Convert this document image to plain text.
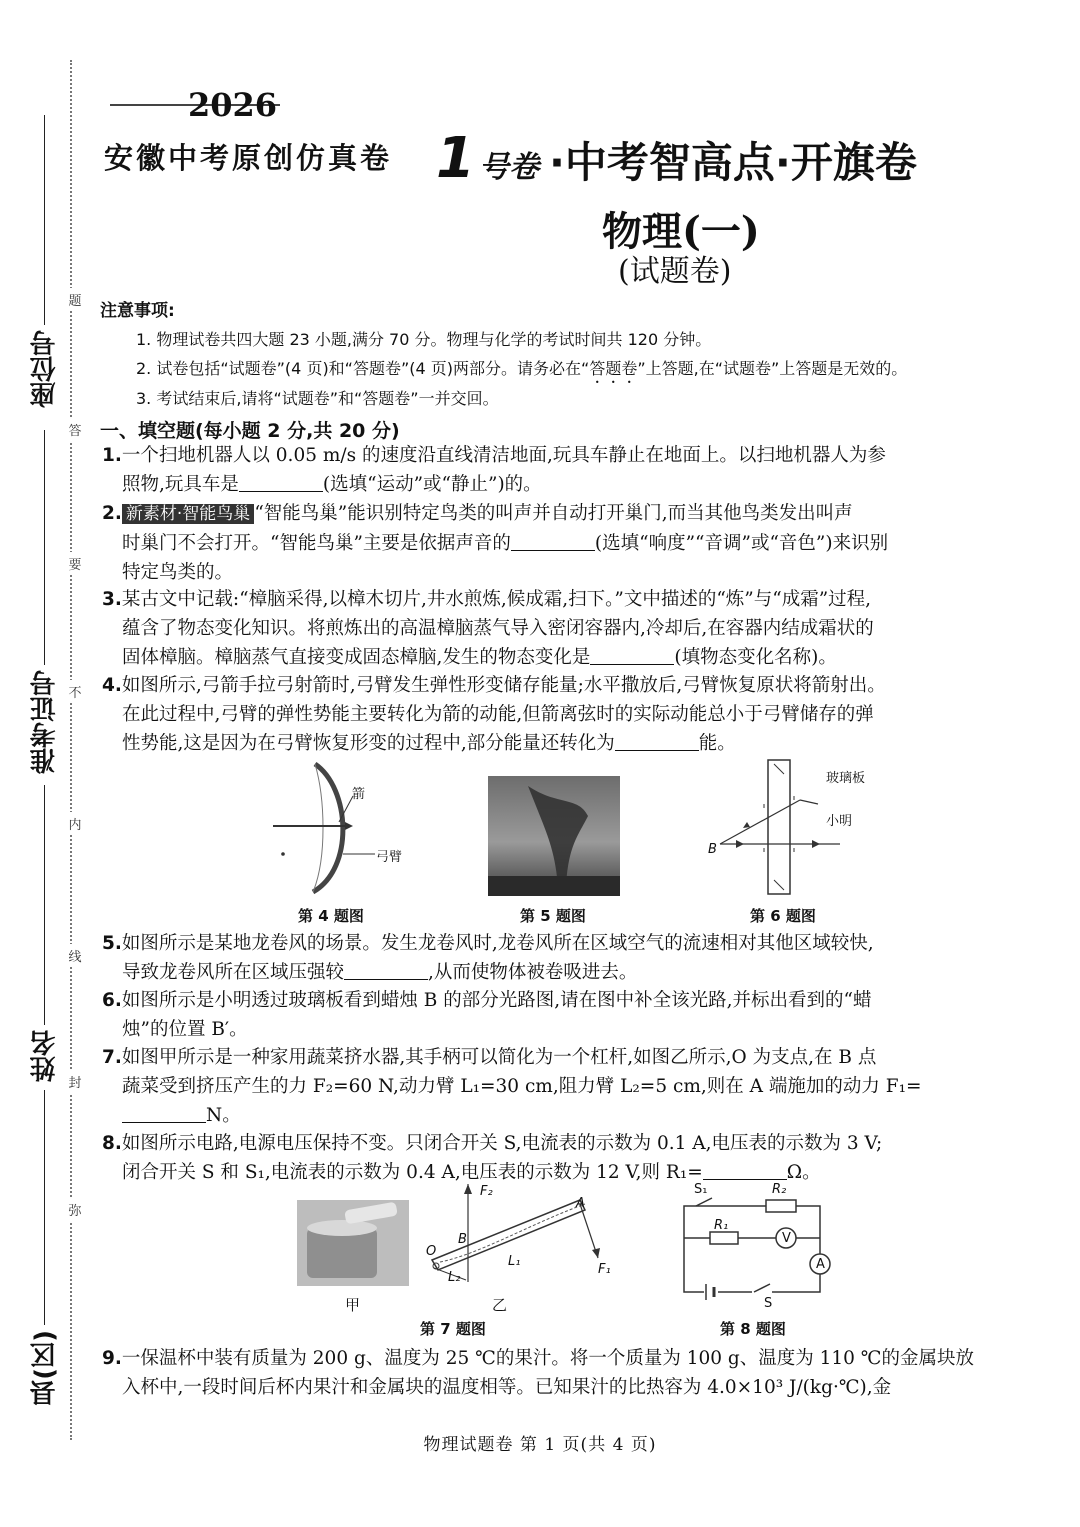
座位号
准考证号
姓名
县(区)
题
答
要
不
内
线
封
弥
2026
安徽中考原创仿真卷 1 号卷 ·中考智高点·开旗卷
物理(一)
(试题卷)
注意事项:
1. 物理试卷共四大题 23 小题,满分 70 分。物理与化学的考试时间共 120 分钟。
2. 试卷包括“试题卷”(4 页)和“答题卷”(4 页)两部分。请务必在“答题卷”上答题,在“试题卷”上答题是无效的。
3. 考试结束后,请将“试题卷”和“答题卷”一并交回。
一、填空题(每小题 2 分,共 20 分)
1.一个扫地机器人以 0.05 m/s 的速度沿直线清洁地面,玩具车静止在地面上。以扫地机器人为参
照物,玩具车是	(选填“运动”或“静止”)的。
2. 新素材·智能鸟巢 “智能鸟巢”能识别特定鸟类的叫声并自动打开巢门,而当其他鸟类发出叫声
时巢门不会打开。“智能鸟巢”主要是依据声音的	(选填“响度”“音调”或“音色”)来识别
特定鸟类的。
3.某古文中记载:“樟脑采得,以樟木切片,井水煎炼,候成霜,扫下。”文中描述的“炼”与“成霜”过程,
蕴含了物态变化知识。将煎炼出的高温樟脑蒸气导入密闭容器内,冷却后,在容器内结成霜状的
固体樟脑。樟脑蒸气直接变成固态樟脑,发生的物态变化是	(填物态变化名称)。
4.如图所示,弓箭手拉弓射箭时,弓臂发生弹性形变储存能量;水平撒放后,弓臂恢复原状将箭射出。
在此过程中,弓臂的弹性势能主要转化为箭的动能,但箭离弦时的实际动能总小于弓臂储存的弹
性势能,这是因为在弓臂恢复形变的过程中,部分能量还转化为	能。
箭
弓臂
第 4 题图	第 5 题图
玻璃板
小明
B
第 6 题图
5.如图所示是某地龙卷风的场景。发生龙卷风时,龙卷风所在区域空气的流速相对其他区域较快,
导致龙卷风所在区域压强较	,从而使物体被卷吸进去。
6.如图所示是小明透过玻璃板看到蜡烛 B 的部分光路图,请在图中补全该光路,并标出看到的“蜡
烛”的位置 B′。
7.如图甲所示是一种家用蔬菜挤水器,其手柄可以简化为一个杠杆,如图乙所示,O 为支点,在 B 点
蔬菜受到挤压产生的力 F₂=60 N,动力臂 L₁=30 cm,阻力臂 L₂=5 cm,则在 A 端施加的动力 F₁=
N。
8.如图所示电路,电源电压保持不变。只闭合开关 S,电流表的示数为 0.1 A,电压表的示数为 3 V;
闭合开关 S 和 S₁,电流表的示数为 0.4 A,电压表的示数为 12 V,则 R₁=	Ω。
F₂
A
B
O
L₁
L₂
F₁
甲	乙
第 7 题图
S₁	R₂
R₁
V
A
S
第 8 题图
9.一保温杯中装有质量为 200 g、温度为 25 ℃的果汁。将一个质量为 100 g、温度为 110 ℃的金属块放
入杯中,一段时间后杯内果汁和金属块的温度相等。已知果汁的比热容为 4.0×10³ J/(kg·℃),金
物理试题卷 第 1 页(共 4 页)
